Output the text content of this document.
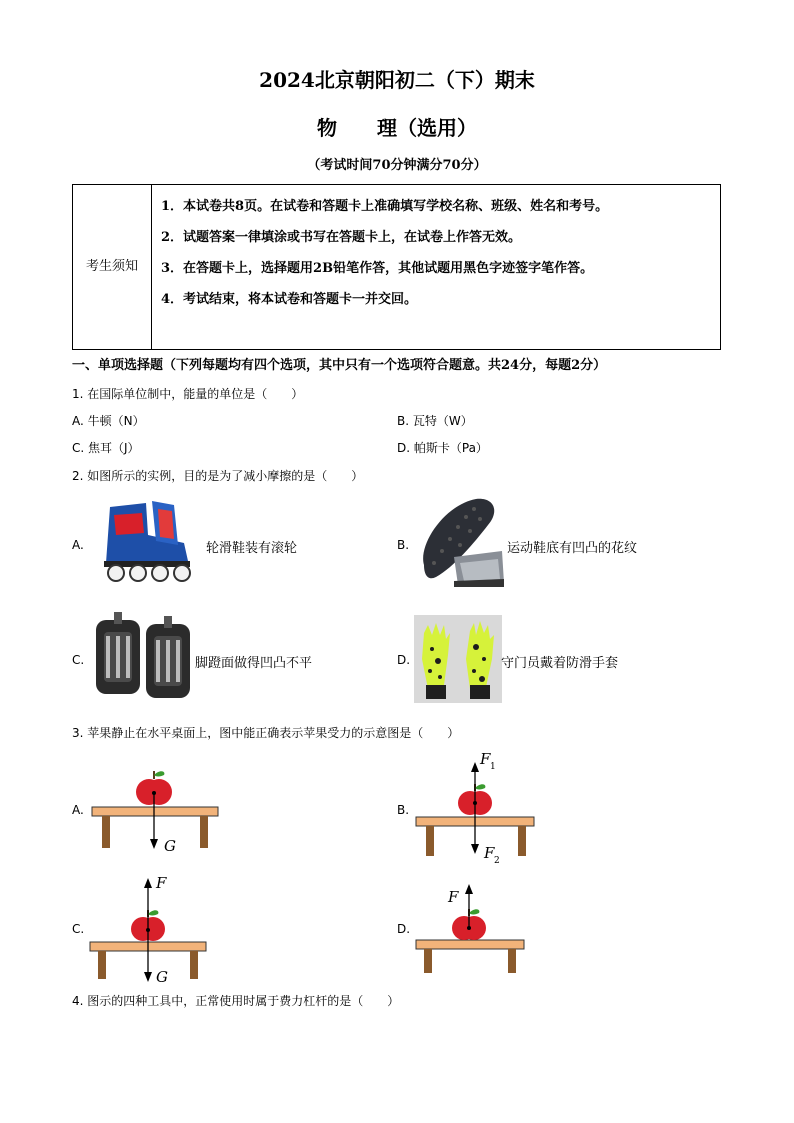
2024北京朝阳初二（下）期末
物　　理（选用）
（考试时间70分钟满分70分）
考生须知
1．本试卷共8页。在试卷和答题卡上准确填写学校名称、班级、姓名和考号。
2．试题答案一律填涂或书写在答题卡上，在试卷上作答无效。
3．在答题卡上，选择题用2B铅笔作答，其他试题用黑色字迹签字笔作答。
4．考试结束，将本试卷和答题卡一并交回。
一、单项选择题（下列每题均有四个选项，其中只有一个选项符合题意。共24分，每题2分）
1. 在国际单位制中，能量的单位是（　　）
A. 牛顿（N）	B. 瓦特（W）
C. 焦耳（J）	D. 帕斯卡（Pa）
2. 如图所示的实例，目的是为了减小摩擦的是（　　）
A.	轮滑鞋装有滚轮	B.	运动鞋底有凹凸的花纹
C.	脚蹬面做得凹凸不平	D.	守门员戴着防滑手套
3. 苹果静止在水平桌面上，图中能正确表示苹果受力的示意图是（　　）
A.
G
B.
F 1
F 2
C.
F
G
D.
F
4. 图示的四种工具中，正常使用时属于费力杠杆的是（　　）
